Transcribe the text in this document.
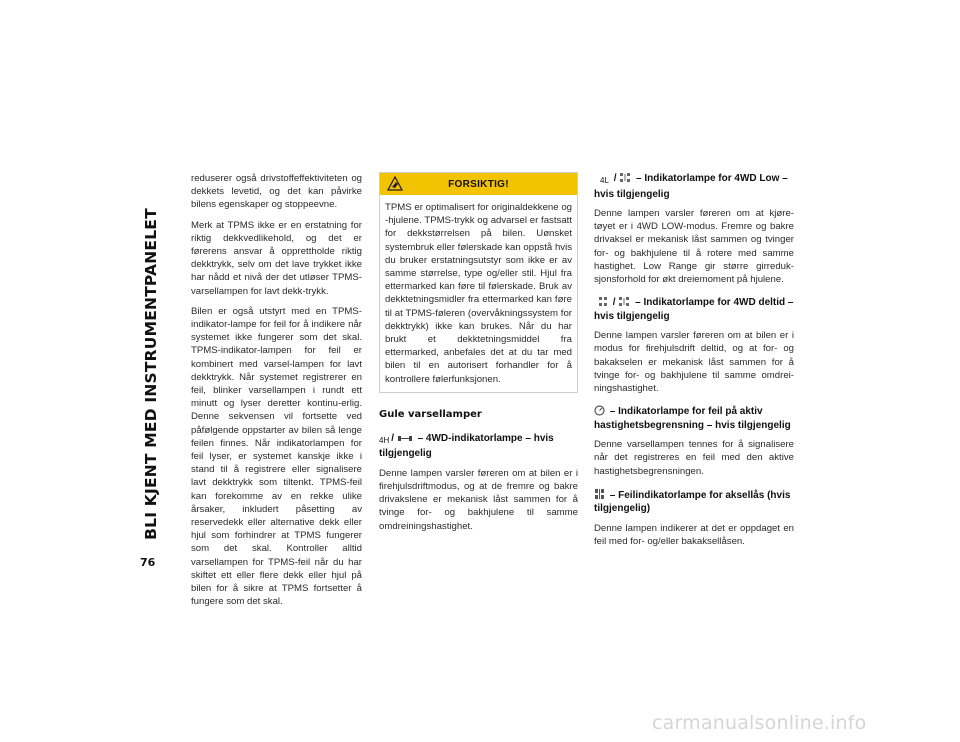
BLI KJENT MED INSTRUMENTPANELET
76

reduserer også drivstoffeffektiviteten og dekkets levetid, og det kan påvirke bilens egenskaper og stoppeevne.

Merk at TPMS ikke er en erstatning for riktig dekkvedlikehold, og det er førerens ansvar å opprettholde riktig dekktrykk, selv om det lave trykket ikke har nådd et nivå der det utløser TPMS-varsellampen for lavt dekk-trykk.

Bilen er også utstyrt med en TPMS-indikator-lampe for feil for å indikere når systemet ikke fungerer som det skal. TPMS-indikator-lampen for feil er kombinert med varsel-lampen for lavt dekktrykk. Når systemet registrerer en feil, blinker varsellampen i rundt ett minutt og lyser deretter kontinu-erlig. Denne sekvensen vil fortsette ved påfølgende oppstarter av bilen så lenge feilen finnes. Når indikatorlampen for feil lyser, er systemet kanskje ikke i stand til å registrere eller signalisere lavt dekktrykk som tiltenkt. TPMS-feil kan forekomme av en rekke ulike årsaker, inkludert påsetting av reservedekk eller alternative dekk eller hjul som forhindrer at TPMS fungerer som det skal. Kontroller alltid varsellampen for TPMS-feil når du har skiftet ett eller flere dekk eller hjul på bilen for å sikre at TPMS fortsetter å fungere som det skal.

FORSIKTIG!

TPMS er optimalisert for originaldekkene og -hjulene. TPMS-trykk og advarsel er fastsatt for dekkstørrelsen på bilen. Uønsket systembruk eller følerskade kan oppstå hvis du bruker erstatningsutstyr som ikke er av samme størrelse, type og/eller stil. Hjul fra ettermarked kan føre til følerskade. Bruk av dekktetningsmidler fra ettermarked kan føre til at TPMS-føleren (overvåkningssystem for dekktrykk) ikke kan brukes. Når du har brukt et dekktetningsmiddel fra ettermarked, anbefales det at du tar med bilen til en autorisert forhandler for å kontrollere følerfunksjonen.

Gule varsellamper
4H /  – 4WD-indikatorlampe – hvis tilgjengelig

Denne lampen varsler føreren om at bilen er i firehjulsdriftmodus, og at de fremre og bakre drivakslene er mekanisk låst sammen for å tvinge for- og bakhjulene til samme omdreiningshastighet.

4L /  – Indikatorlampe for 4WD Low – hvis tilgjengelig

Denne lampen varsler føreren om at kjøre-tøyet er i 4WD LOW-modus. Fremre og bakre drivaksel er mekanisk låst sammen og tvinger for- og bakhjulene til å rotere med samme hastighet. Low Range gir større girreduk-sjonsforhold for økt dreiemoment på hjulene.

/  – Indikatorlampe for 4WD deltid – hvis tilgjengelig

Denne lampen varsler føreren om at bilen er i modus for firehjulsdrift deltid, og at for- og bakakselen er mekanisk låst sammen for å tvinge for- og bakhjulene til samme omdrei-ningshastighet.

– Indikatorlampe for feil på aktiv hastighetsbegrensning – hvis tilgjengelig

Denne varsellampen tennes for å signalisere når det registreres en feil med den aktive hastighetsbegrensningen.

– Feilindikatorlampe for aksellås (hvis tilgjengelig)

Denne lampen indikerer at det er oppdaget en feil med for- og/eller bakaksellåsen.

carmanualsonline.info
